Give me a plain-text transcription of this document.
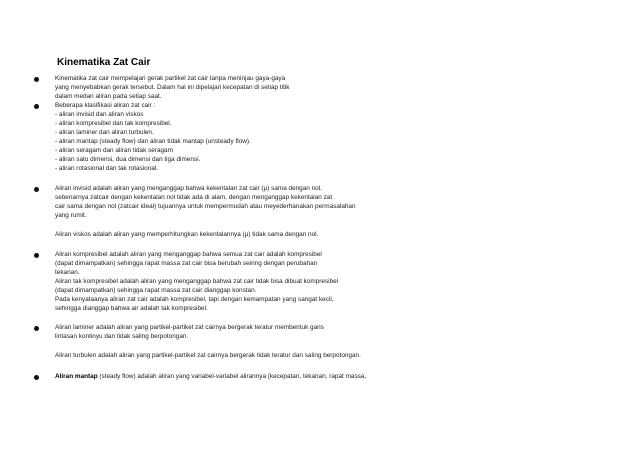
Kinematika Zat Cair
Kinematika zat cair mempelajari gerak partikel zat cair tanpa meninjau gaya-gaya
yang menyebabkan gerak tersebut. Dalam hal ini dipelajari kecepatan di setiap titik
dalam medan aliran pada setiap saat.
Beberapa klasifikasi aliran zat cair :
- aliran invisid dan aliran viskos
- aliran kompresibel dan tak kompresibel.
- aliran laminer dan aliran turbulen.
- aliran mantap (steady flow) dan aliran tidak mantap (unsteady flow).
- aliran seragam dan aliran tidak seragam
- aliran satu dimensi, dua dimensi dan tiga dimensi.
- aliran rotasional dan tak rotasional.
Aliran invisid adalah aliran yang menganggap bahwa kekentalan zat cair (μ) sama dengan nol.
sebenarnya zatcair dengan kekentalan nol tidak ada di alam, dengan menganggap kekentalan zat
cair sama dengan nol (zatcair ideal) tujuannya untuk mempermudah atau meyederhanakan permasalahan
yang rumit.
Aliran viskos adalah aliran yang memperhitungkan kekentalannya (μ) tidak sama dengan nol.
Aliran kompresibel adalah aliran yang menganggap bahwa semua zat cair adalah kompresibel
(dapat dimampatkan) sehingga rapat massa zat cair bisa berubah seiring dengan perubahan
tekanan.
Aliran tak kompresibel adalah aliran yang menganggap bahwa zat cair tidak bisa dibuat kompresibel
(dapat dimampatkan) sehingga rapat massa zat cair dianggap konstan.
Pada kenyataanya aliran zat cair adalah kompresibel, tapi dengan kemampatan yang sangat kecil,
sehingga dianggap bahwa air adalah tak kompresibel.
Aliran laminer adalah aliran yang partikel-partikel zat cairnya bergerak teratur membentuk garis
lintasan kontinyu dan tidak saling berpotongan.
Aliran turbulen adalah aliran yang partikel-partikel zat cairnya bergerak tidak teratur dan saling berpotongan.
Aliran mantap (steady flow) adalah aliran yang variabel-variabel alirannya (kecepatan, tekanan, rapat massa,
